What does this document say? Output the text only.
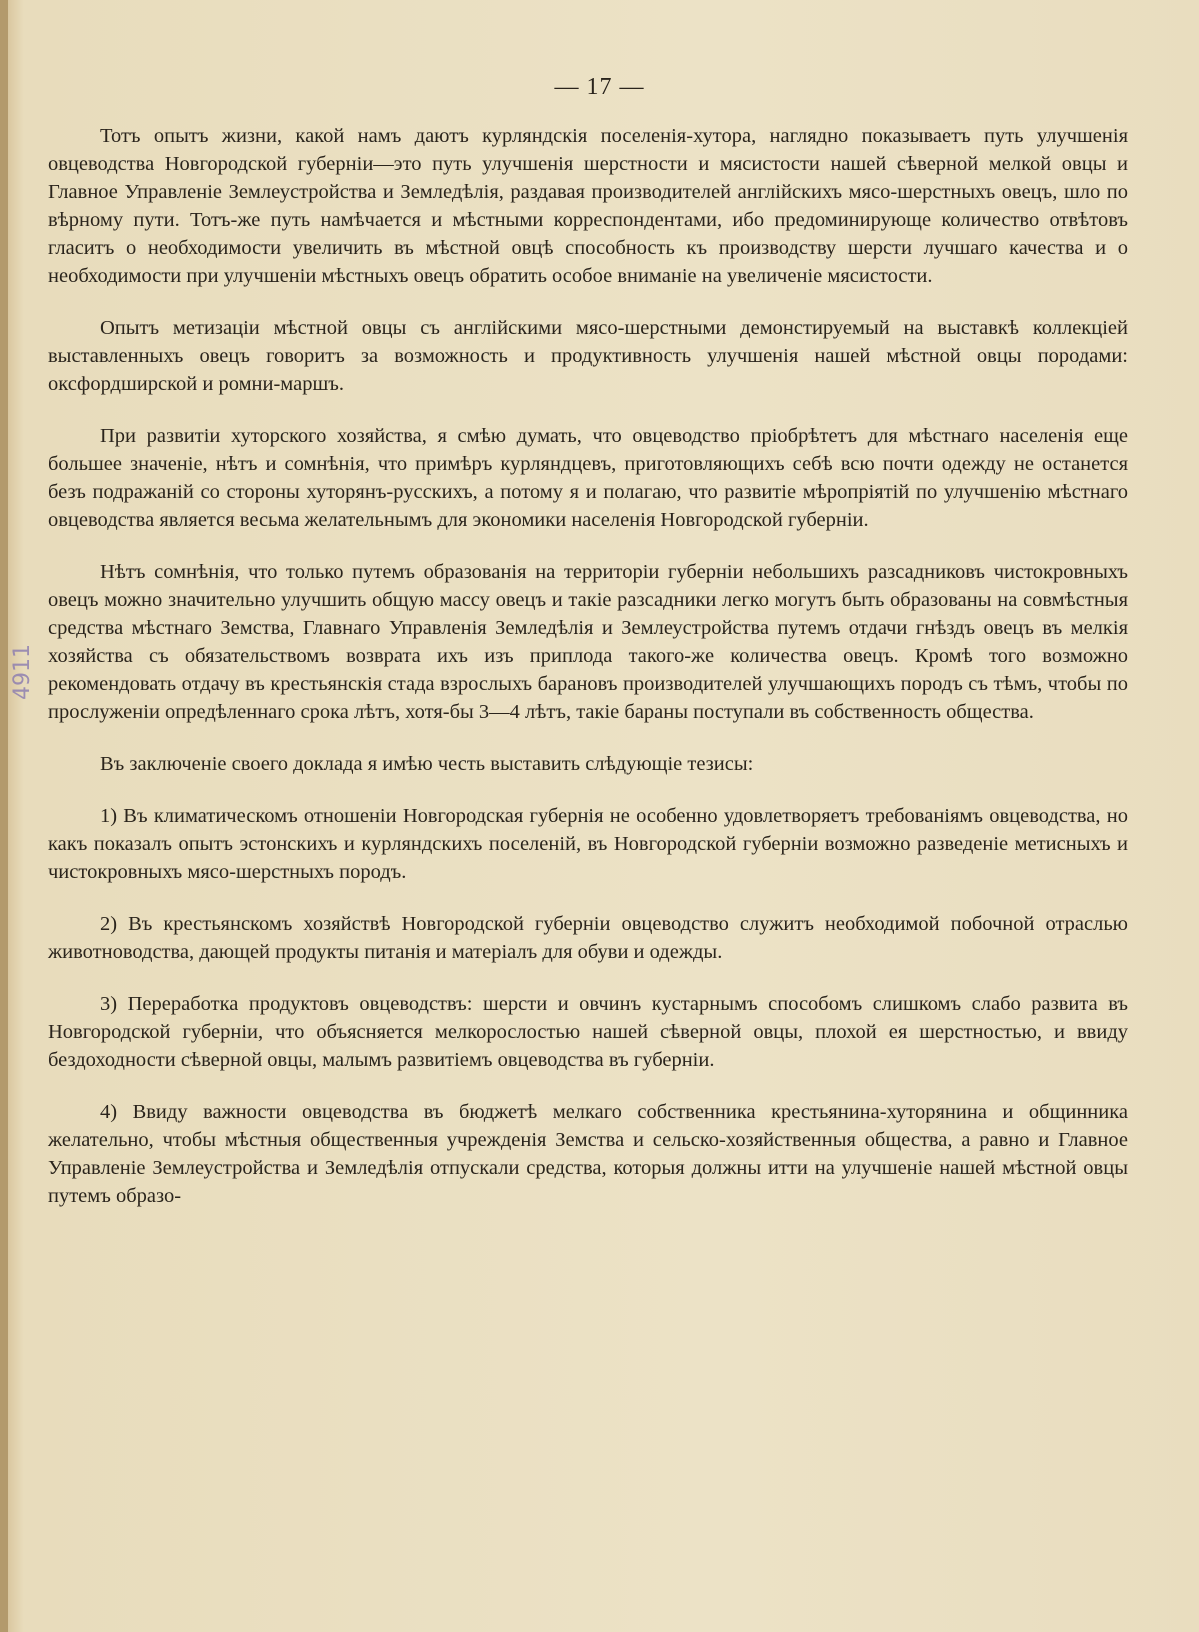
4911
— 17 —

Тотъ опытъ жизни, какой намъ даютъ курляндскія поселенія-хутора, наглядно показываетъ путь улучшенія овцеводства Новгородской губерніи—это путь улучшенія шерстности и мясистости нашей сѣверной мелкой овцы и Главное Управленіе Землеустройства и Земледѣлія, раздавая производителей англійскихъ мясо-шерстныхъ овецъ, шло по вѣрному пути. Тотъ-же путь намѣчается и мѣстными корреспондентами, ибо предоминирующе количество отвѣтовъ гласитъ о необходимости увеличить въ мѣстной овцѣ способность къ производству шерсти лучшаго качества и о необходимости при улучшеніи мѣстныхъ овецъ обратить особое вниманіе на увеличеніе мясистости.

Опытъ метизаціи мѣстной овцы съ англійскими мясо-шерстными демонстируемый на выставкѣ коллекціей выставленныхъ овецъ говоритъ за возможность и продуктивность улучшенія нашей мѣстной овцы породами: оксфордширской и ромни-маршъ.

При развитіи хуторского хозяйства, я смѣю думать, что овцеводство пріобрѣтетъ для мѣстнаго населенія еще большее значеніе, нѣтъ и сомнѣнія, что примѣръ курляндцевъ, приготовляющихъ себѣ всю почти одежду не останется безъ подражаній со стороны хуторянъ-русскихъ, а потому я и полагаю, что развитіе мѣропріятій по улучшенію мѣстнаго овцеводства является весьма желательнымъ для экономики населенія Новгородской губерніи.

Нѣтъ сомнѣнія, что только путемъ образованія на территоріи губерніи небольшихъ разсадниковъ чистокровныхъ овецъ можно значительно улучшить общую массу овецъ и такіе разсадники легко могутъ быть образованы на совмѣстныя средства мѣстнаго Земства, Главнаго Управленія Земледѣлія и Землеустройства путемъ отдачи гнѣздъ овецъ въ мелкія хозяйства съ обязательствомъ возврата ихъ изъ приплода такого-же количества овецъ. Кромѣ того возможно рекомендовать отдачу въ крестьянскія стада взрослыхъ барановъ производителей улучшающихъ породъ съ тѣмъ, чтобы по прослуженіи опредѣленнаго срока лѣтъ, хотя-бы 3—4 лѣтъ, такіе бараны поступали въ собственность общества.

Въ заключеніе своего доклада я имѣю честь выставить слѣдующіе тезисы:

1) Въ климатическомъ отношеніи Новгородская губернія не особенно удовлетворяетъ требованіямъ овцеводства, но какъ показалъ опытъ эстонскихъ и курляндскихъ поселеній, въ Новгородской губерніи возможно разведеніе метисныхъ и чистокровныхъ мясо-шерстныхъ породъ.

2) Въ крестьянскомъ хозяйствѣ Новгородской губерніи овцеводство служитъ необходимой побочной отраслью животноводства, дающей продукты питанія и матеріалъ для обуви и одежды.

3) Переработка продуктовъ овцеводствъ: шерсти и овчинъ кустарнымъ способомъ слишкомъ слабо развита въ Новгородской губерніи, что объясняется мелкорослостью нашей сѣверной овцы, плохой ея шерстностью, и ввиду бездоходности сѣверной овцы, малымъ развитіемъ овцеводства въ губерніи.

4) Ввиду важности овцеводства въ бюджетѣ мелкаго собственника крестьянина-хуторянина и общинника желательно, чтобы мѣстныя общественныя учрежденія Земства и сельско-хозяйственныя общества, а равно и Главное Управленіе Землеустройства и Земледѣлія отпускали средства, которыя должны итти на улучшеніе нашей мѣстной овцы путемъ образо-
